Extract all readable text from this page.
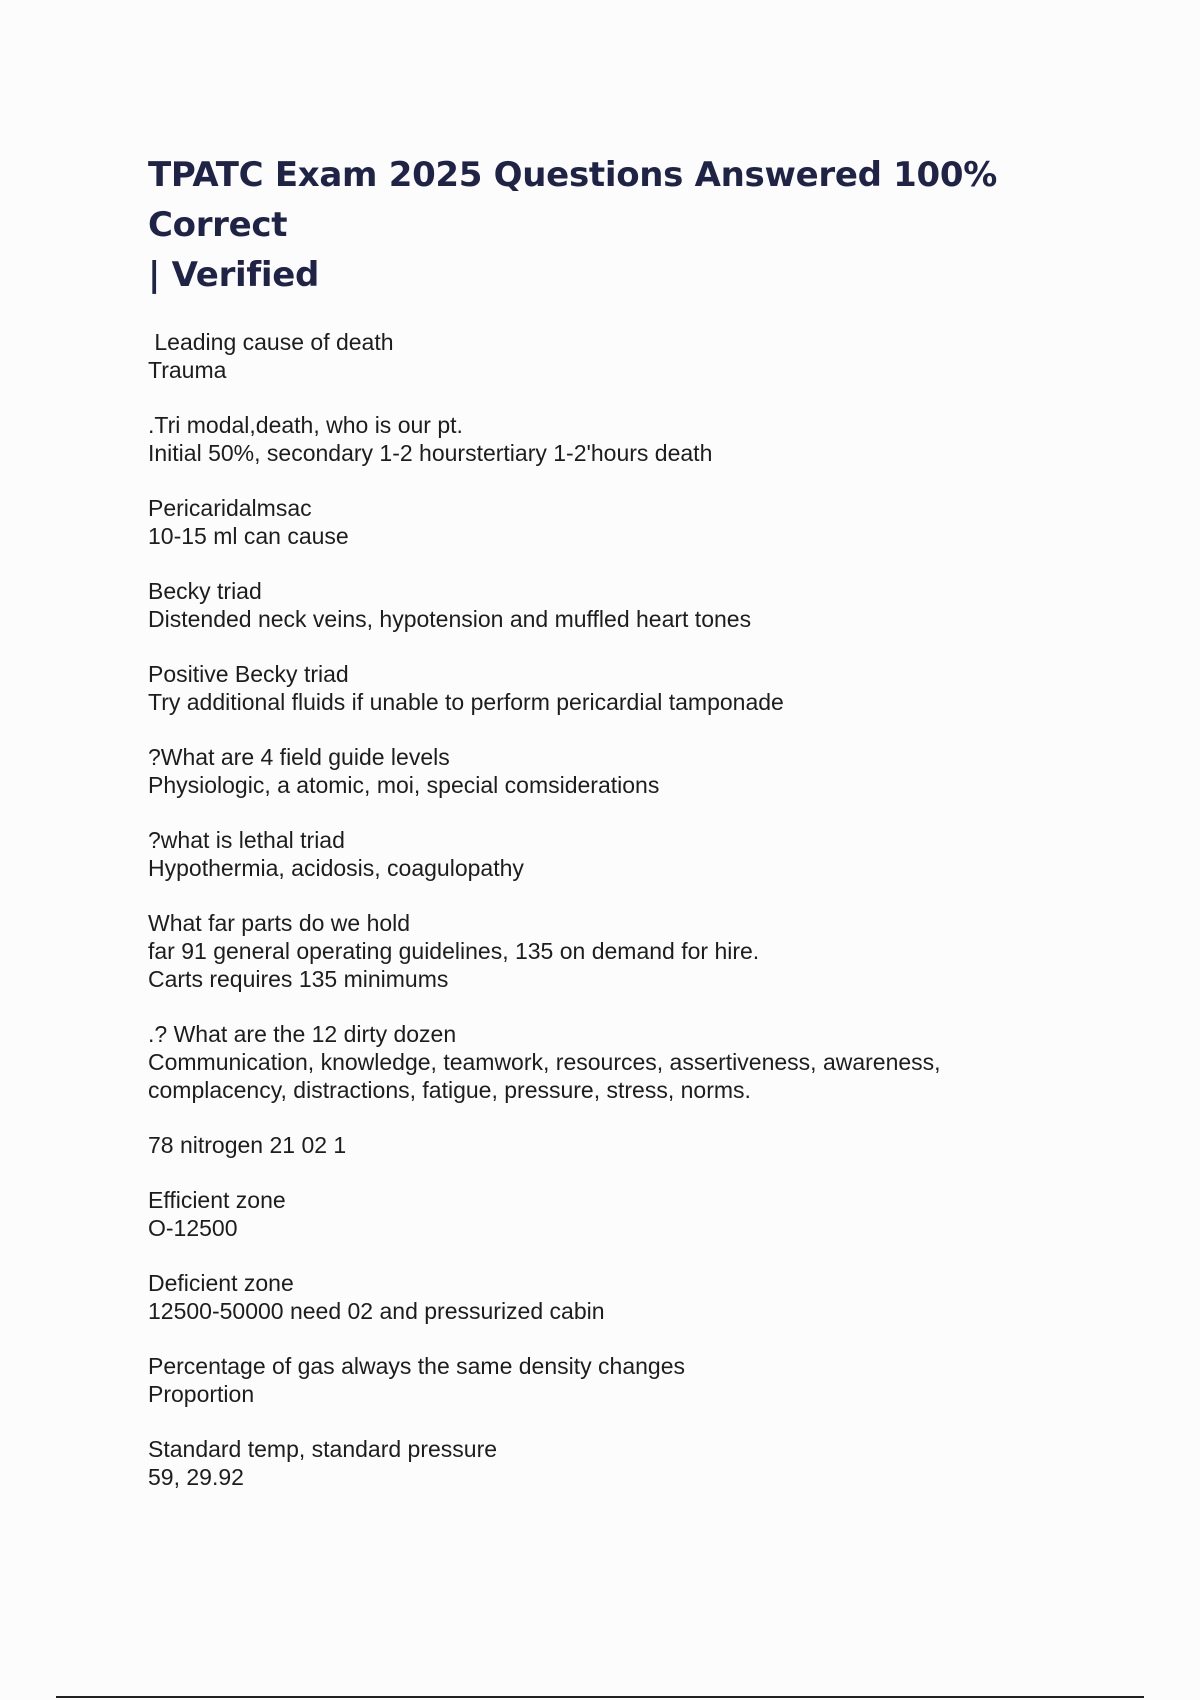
TPATC Exam 2025 Questions Answered 100% Correct
| Verified
Leading cause of death
Trauma
.Tri modal,death, who is our pt.
Initial 50%, secondary 1-2 hourstertiary 1-2'hours death
Pericaridalmsac
10-15 ml can cause
Becky triad
Distended neck veins, hypotension and muffled heart tones
Positive Becky triad
Try additional fluids if unable to perform pericardial tamponade
?What are 4 field guide levels
Physiologic, a atomic, moi, special comsiderations
?what is lethal triad
Hypothermia, acidosis, coagulopathy
What far parts do we hold
far 91 general operating guidelines, 135 on demand for hire.
Carts requires 135 minimums
.? What are the 12 dirty dozen
Communication, knowledge, teamwork, resources, assertiveness, awareness,
complacency, distractions, fatigue, pressure, stress, norms.
78 nitrogen 21 02 1
Efficient zone
O-12500
Deficient zone
12500-50000 need 02 and pressurized cabin
Percentage of gas always the same density changes
Proportion
Standard temp, standard pressure
59, 29.92
